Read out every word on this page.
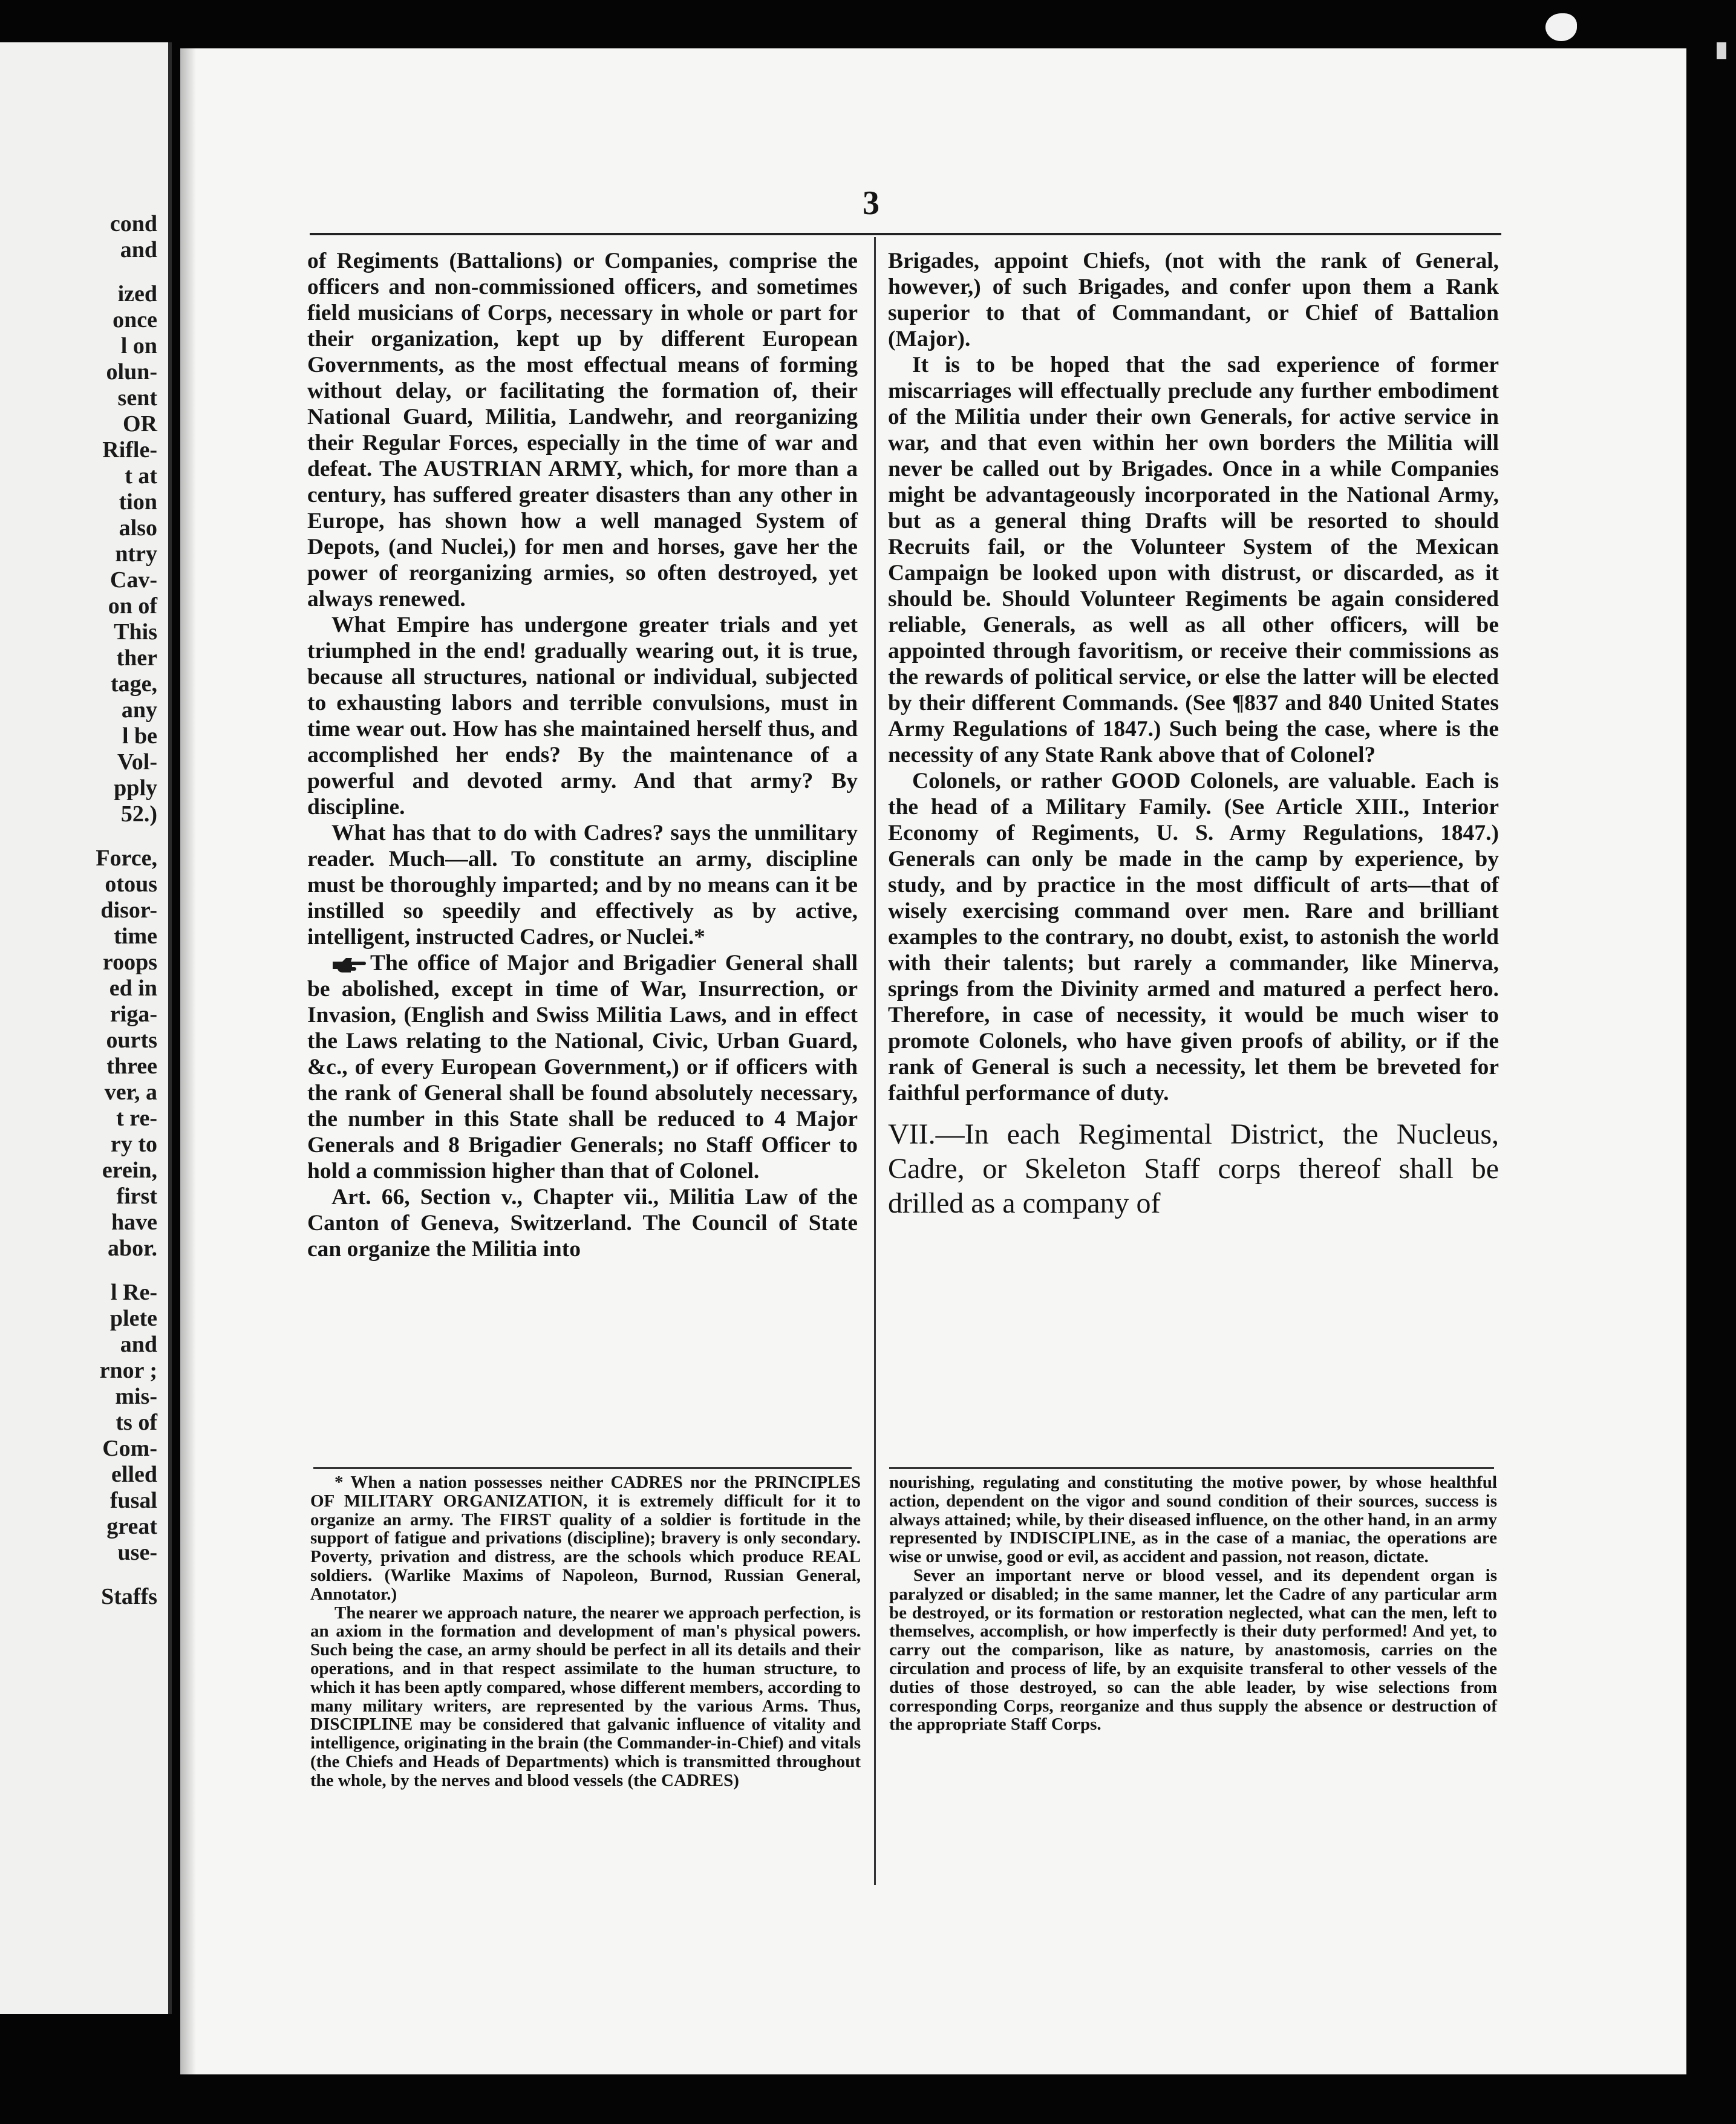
cond
and
ized
once
l on
olun-
sent
OR
Rifle-
t at
tion
also
ntry
Cav-
on of
This
ther
tage,
any
l be
Vol-
pply
52.)
Force,
otous
disor-
time
roops
ed in
riga-
ourts
three
ver, a
t re-
ry to
erein,
first
have
abor.
l Re-
plete
and
rnor ;
mis-
ts of
Com-
elled
fusal
great
use-
Staffs
3

of Regiments (Battalions) or Companies, comprise the officers and non-commissioned officers, and sometimes field musicians of Corps, necessary in whole or part for their organization, kept up by different European Governments, as the most effectual means of forming without delay, or facilitating the formation of, their National Guard, Militia, Landwehr, and reorganizing their Regular Forces, especially in the time of war and defeat. The AUSTRIAN ARMY, which, for more than a century, has suffered greater disasters than any other in Europe, has shown how a well managed System of Depots, (and Nuclei,) for men and horses, gave her the power of reorganizing armies, so often destroyed, yet always renewed.

What Empire has undergone greater trials and yet triumphed in the end! gradually wearing out, it is true, because all structures, national or individual, subjected to exhausting labors and terrible convulsions, must in time wear out. How has she maintained herself thus, and accomplished her ends? By the maintenance of a powerful and devoted army. And that army? By discipline.

What has that to do with Cadres? says the unmilitary reader. Much—all. To constitute an army, discipline must be thoroughly imparted; and by no means can it be instilled so speedily and effectively as by active, intelligent, instructed Cadres, or Nuclei.*

The office of Major and Brigadier General shall be abolished, except in time of War, Insurrection, or Invasion, (English and Swiss Militia Laws, and in effect the Laws relating to the National, Civic, Urban Guard, &c., of every European Government,) or if officers with the rank of General shall be found absolutely necessary, the number in this State shall be reduced to 4 Major Generals and 8 Brigadier Generals; no Staff Officer to hold a commission higher than that of Colonel.

Art. 66, Section v., Chapter vii., Militia Law of the Canton of Geneva, Switzerland. The Council of State can organize the Militia into

Brigades, appoint Chiefs, (not with the rank of General, however,) of such Brigades, and confer upon them a Rank superior to that of Commandant, or Chief of Battalion (Major).

It is to be hoped that the sad experience of former miscarriages will effectually preclude any further embodiment of the Militia under their own Generals, for active service in war, and that even within her own borders the Militia will never be called out by Brigades. Once in a while Companies might be advantageously incorporated in the National Army, but as a general thing Drafts will be resorted to should Recruits fail, or the Volunteer System of the Mexican Campaign be looked upon with distrust, or discarded, as it should be. Should Volunteer Regiments be again considered reliable, Generals, as well as all other officers, will be appointed through favoritism, or receive their commissions as the rewards of political service, or else the latter will be elected by their different Commands. (See ¶837 and 840 United States Army Regulations of 1847.) Such being the case, where is the necessity of any State Rank above that of Colonel?

Colonels, or rather GOOD Colonels, are valuable. Each is the head of a Military Family. (See Article XIII., Interior Economy of Regiments, U. S. Army Regulations, 1847.) Generals can only be made in the camp by experience, by study, and by practice in the most difficult of arts—that of wisely exercising command over men. Rare and brilliant examples to the contrary, no doubt, exist, to astonish the world with their talents; but rarely a commander, like Minerva, springs from the Divinity armed and matured a perfect hero. Therefore, in case of necessity, it would be much wiser to promote Colonels, who have given proofs of ability, or if the rank of General is such a necessity, let them be breveted for faithful performance of duty.

VII.—In each Regimental District, the Nucleus, Cadre, or Skeleton Staff corps thereof shall be drilled as a company of

* When a nation possesses neither CADRES nor the PRINCIPLES OF MILITARY ORGANIZATION, it is extremely difficult for it to organize an army. The FIRST quality of a soldier is fortitude in the support of fatigue and privations (discipline); bravery is only secondary. Poverty, privation and distress, are the schools which produce REAL soldiers. (Warlike Maxims of Napoleon, Burnod, Russian General, Annotator.)

The nearer we approach nature, the nearer we approach perfection, is an axiom in the formation and development of man's physical powers. Such being the case, an army should be perfect in all its details and their operations, and in that respect assimilate to the human structure, to which it has been aptly compared, whose different members, according to many military writers, are represented by the various Arms. Thus, DISCIPLINE may be considered that galvanic influence of vitality and intelligence, originating in the brain (the Commander-in-Chief) and vitals (the Chiefs and Heads of Departments) which is transmitted throughout the whole, by the nerves and blood vessels (the CADRES)

nourishing, regulating and constituting the motive power, by whose healthful action, dependent on the vigor and sound condition of their sources, success is always attained; while, by their diseased influence, on the other hand, in an army represented by INDISCIPLINE, as in the case of a maniac, the operations are wise or unwise, good or evil, as accident and passion, not reason, dictate.

Sever an important nerve or blood vessel, and its dependent organ is paralyzed or disabled; in the same manner, let the Cadre of any particular arm be destroyed, or its formation or restoration neglected, what can the men, left to themselves, accomplish, or how imperfectly is their duty performed! And yet, to carry out the comparison, like as nature, by anastomosis, carries on the circulation and process of life, by an exquisite transferal to other vessels of the duties of those destroyed, so can the able leader, by wise selections from corresponding Corps, reorganize and thus supply the absence or destruction of the appropriate Staff Corps.
